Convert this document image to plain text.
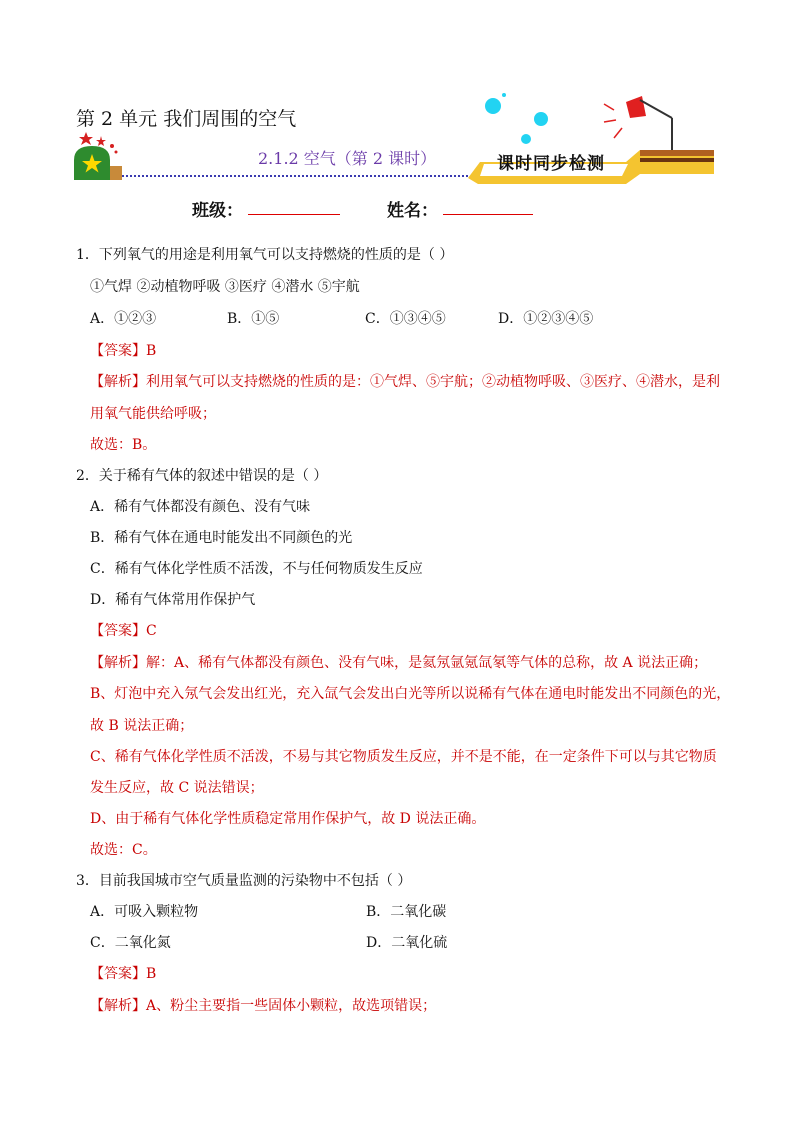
第 2 单元 我们周围的空气
2.1.2 空气（第 2 课时）	课时同步检测
班级：	姓名：
1．下列氧气的用途是利用氧气可以支持燃烧的性质的是（ ）
①气焊 ②动植物呼吸 ③医疗 ④潜水 ⑤宇航
A．①②③	B．①⑤	C．①③④⑤	D．①②③④⑤
【答案】B
【解析】利用氧气可以支持燃烧的性质的是：①气焊、⑤宇航；②动植物呼吸、③医疗、④潜水，是利
用氧气能供给呼吸；
故选：B。
2．关于稀有气体的叙述中错误的是（ ）
A．稀有气体都没有颜色、没有气味
B．稀有气体在通电时能发出不同颜色的光
C．稀有气体化学性质不活泼，不与任何物质发生反应
D．稀有气体常用作保护气
【答案】C
【解析】解：A、稀有气体都没有颜色、没有气味，是氦氖氩氪氙氡等气体的总称，故 A 说法正确；
B、灯泡中充入氖气会发出红光，充入氙气会发出白光等所以说稀有气体在通电时能发出不同颜色的光，
故 B 说法正确；
C、稀有气体化学性质不活泼，不易与其它物质发生反应，并不是不能，在一定条件下可以与其它物质
发生反应，故 C 说法错误；
D、由于稀有气体化学性质稳定常用作保护气，故 D 说法正确。
故选：C。
3．目前我国城市空气质量监测的污染物中不包括（ ）
A．可吸入颗粒物	B．二氧化碳
C．二氧化氮	D．二氧化硫
【答案】B
【解析】A、粉尘主要指一些固体小颗粒，故选项错误；
